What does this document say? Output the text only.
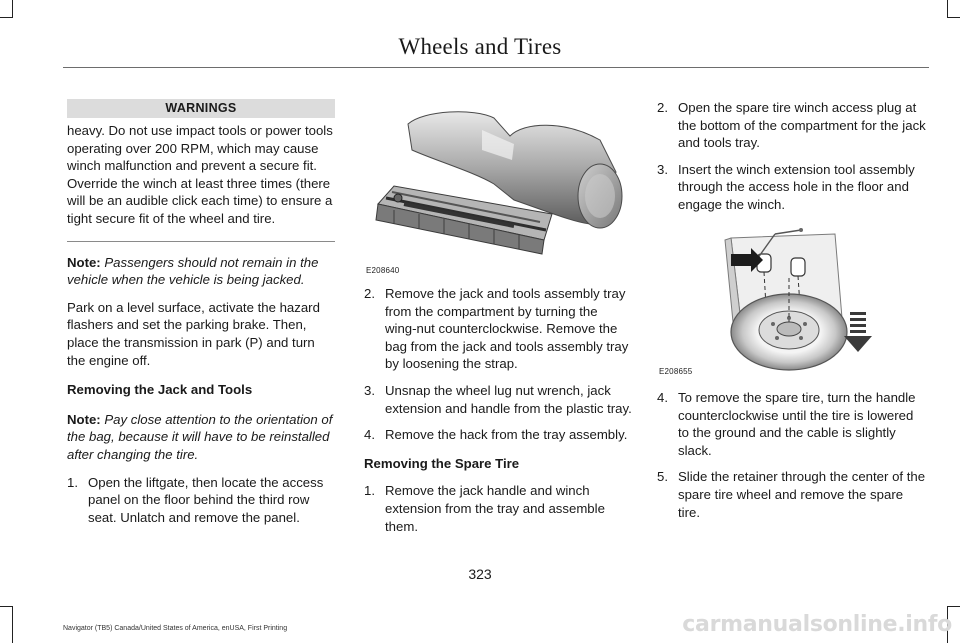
Wheels and Tires
WARNINGS

heavy. Do not use impact tools or power tools operating over 200 RPM, which may cause winch malfunction and prevent a secure fit. Override the winch at least three times (there will be an audible click each time) to ensure a tight secure fit of the wheel and tire.

Note: Passengers should not remain in the vehicle when the vehicle is being jacked.

Park on a level surface, activate the hazard flashers and set the parking brake. Then, place the transmission in park (P) and turn the engine off.

Removing the Jack and Tools

Note: Pay close attention to the orientation of the bag, because it will have to be reinstalled after changing the tire.

1. Open the liftgate, then locate the access panel on the floor behind the third row seat. Unlatch and remove the panel.
E208640
2. Remove the jack and tools assembly tray from the compartment by turning the wing-nut counterclockwise. Remove the bag from the jack and tools assembly tray by loosening the strap.
3. Unsnap the wheel lug nut wrench, jack extension and handle from the plastic tray.
4. Remove the hack from the tray assembly.

Removing the Spare Tire

1. Remove the jack handle and winch extension from the tray and assemble them.
2. Open the spare tire winch access plug at the bottom of the compartment for the jack and tools tray.
3. Insert the winch extension tool assembly through the access hole in the floor and engage the winch.
E208655
4. To remove the spare tire, turn the handle counterclockwise until the tire is lowered to the ground and the cable is slightly slack.
5. Slide the retainer through the center of the spare tire wheel and remove the spare tire.
323
Navigator (TB5) Canada/United States of America, enUSA, First Printing	carmanualsonline.info
